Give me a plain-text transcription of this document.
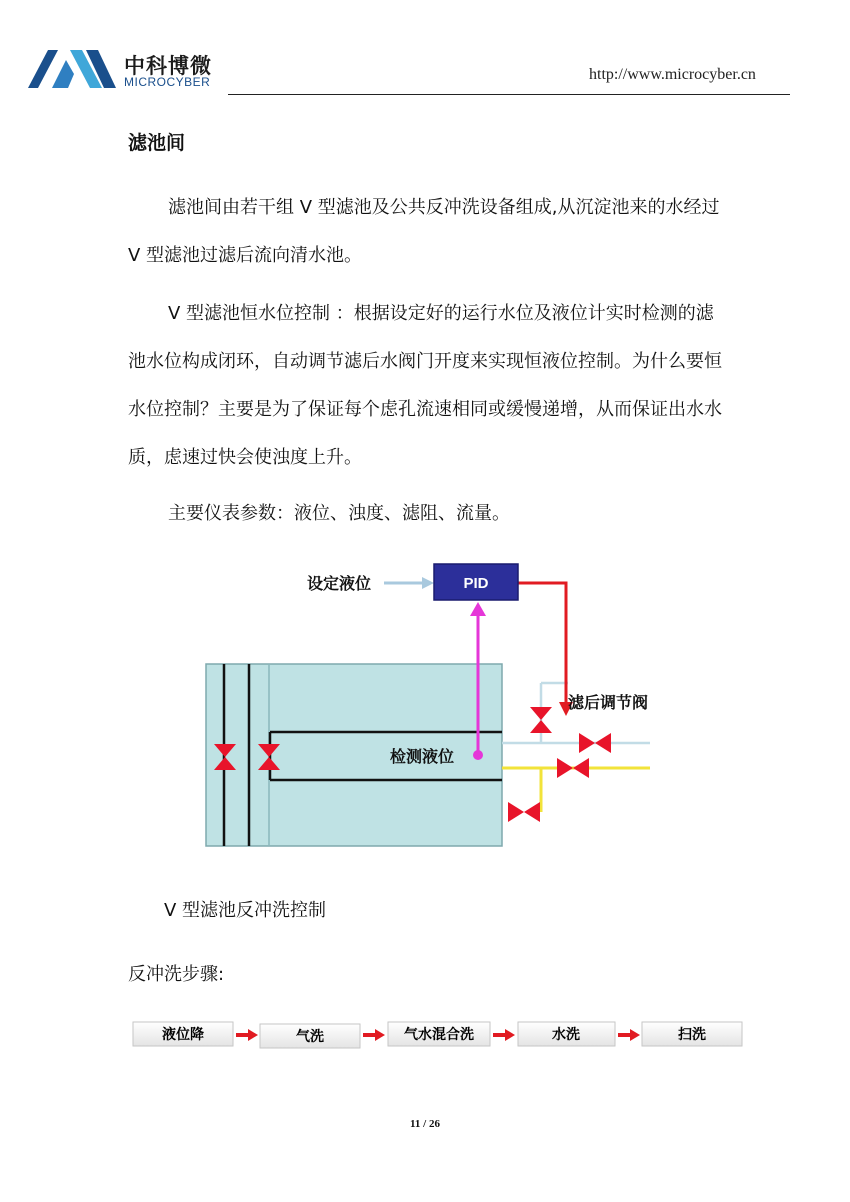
中科博微
MICROCYBER	http://www.microcyber.cn
滤池间

滤池间由若干组 V 型滤池及公共反冲洗设备组成,从沉淀池来的水经过 V 型滤池过滤后流向清水池。

V 型滤池恒水位控制 ：根据设定好的运行水位及液位计实时检测的滤池水位构成闭环，自动调节滤后水阀门开度来实现恒液位控制。为什么要恒水位控制？主要是为了保证每个虑孔流速相同或缓慢递增，从而保证出水水质，虑速过快会使浊度上升。

主要仪表参数：液位、浊度、滤阻、流量。

PID
设定液位
滤后调节阀
检测液位
V 型滤池反冲洗控制
反冲洗步骤:
液位降	气洗	气水混合洗	水洗	扫洗
11 / 26
